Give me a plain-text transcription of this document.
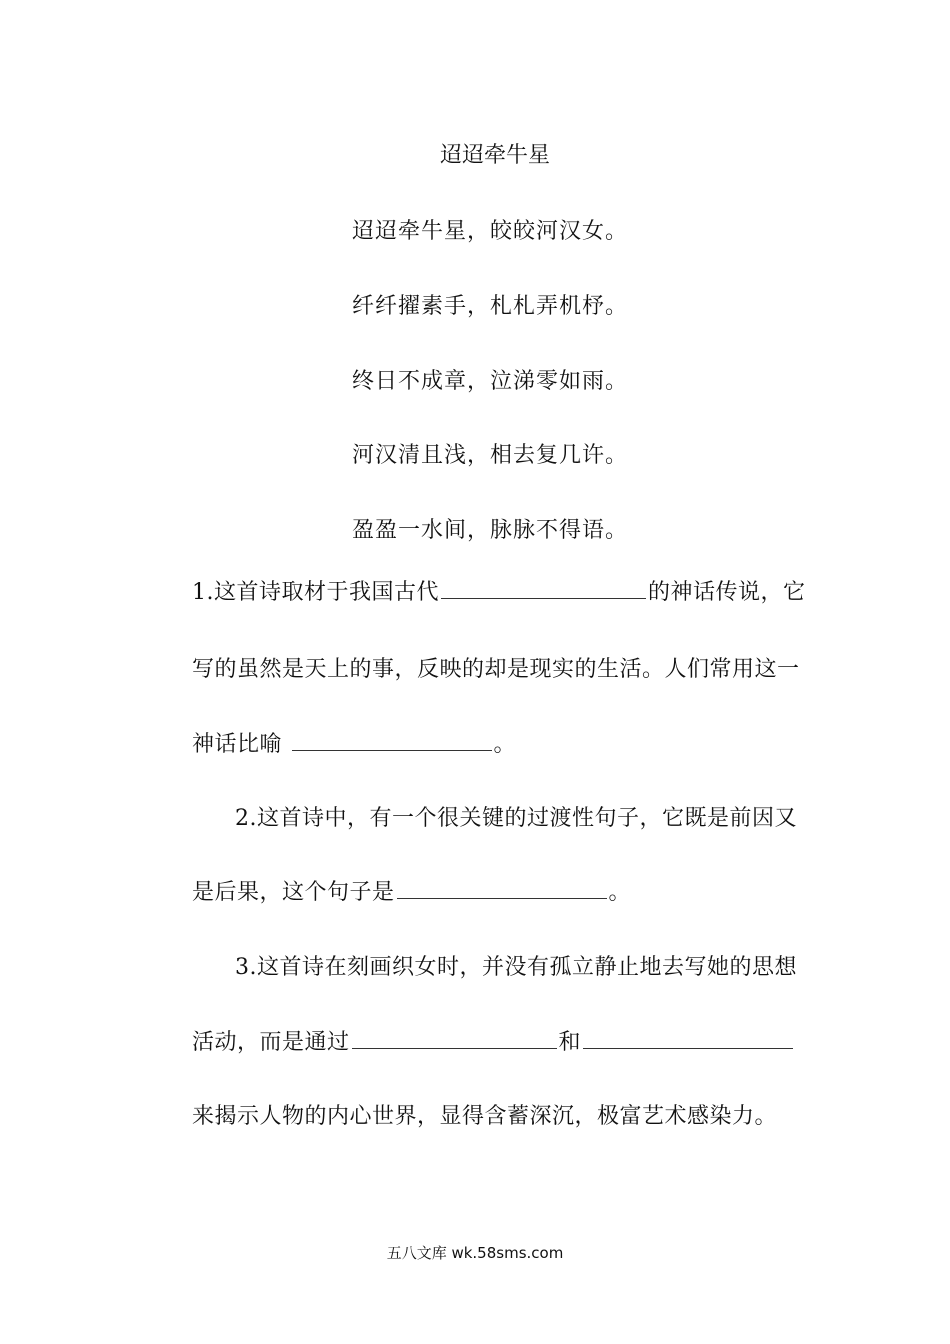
迢迢牵牛星
迢迢牵牛星，皎皎河汉女。
纤纤擢素手，札札弄机杼。
终日不成章，泣涕零如雨。
河汉清且浅，相去复几许。
盈盈一水间，脉脉不得语。
1.这首诗取材于我国古代	的神话传说，它
写的虽然是天上的事，反映的却是现实的生活。人们常用这一
神话比喻	。
2.这首诗中，有一个很关键的过渡性句子，它既是前因又
是后果，这个句子是	。
3.这首诗在刻画织女时，并没有孤立静止地去写她的思想
活动，而是通过	和
来揭示人物的内心世界，显得含蓄深沉，极富艺术感染力。
五八文库 wk.58sms.com
